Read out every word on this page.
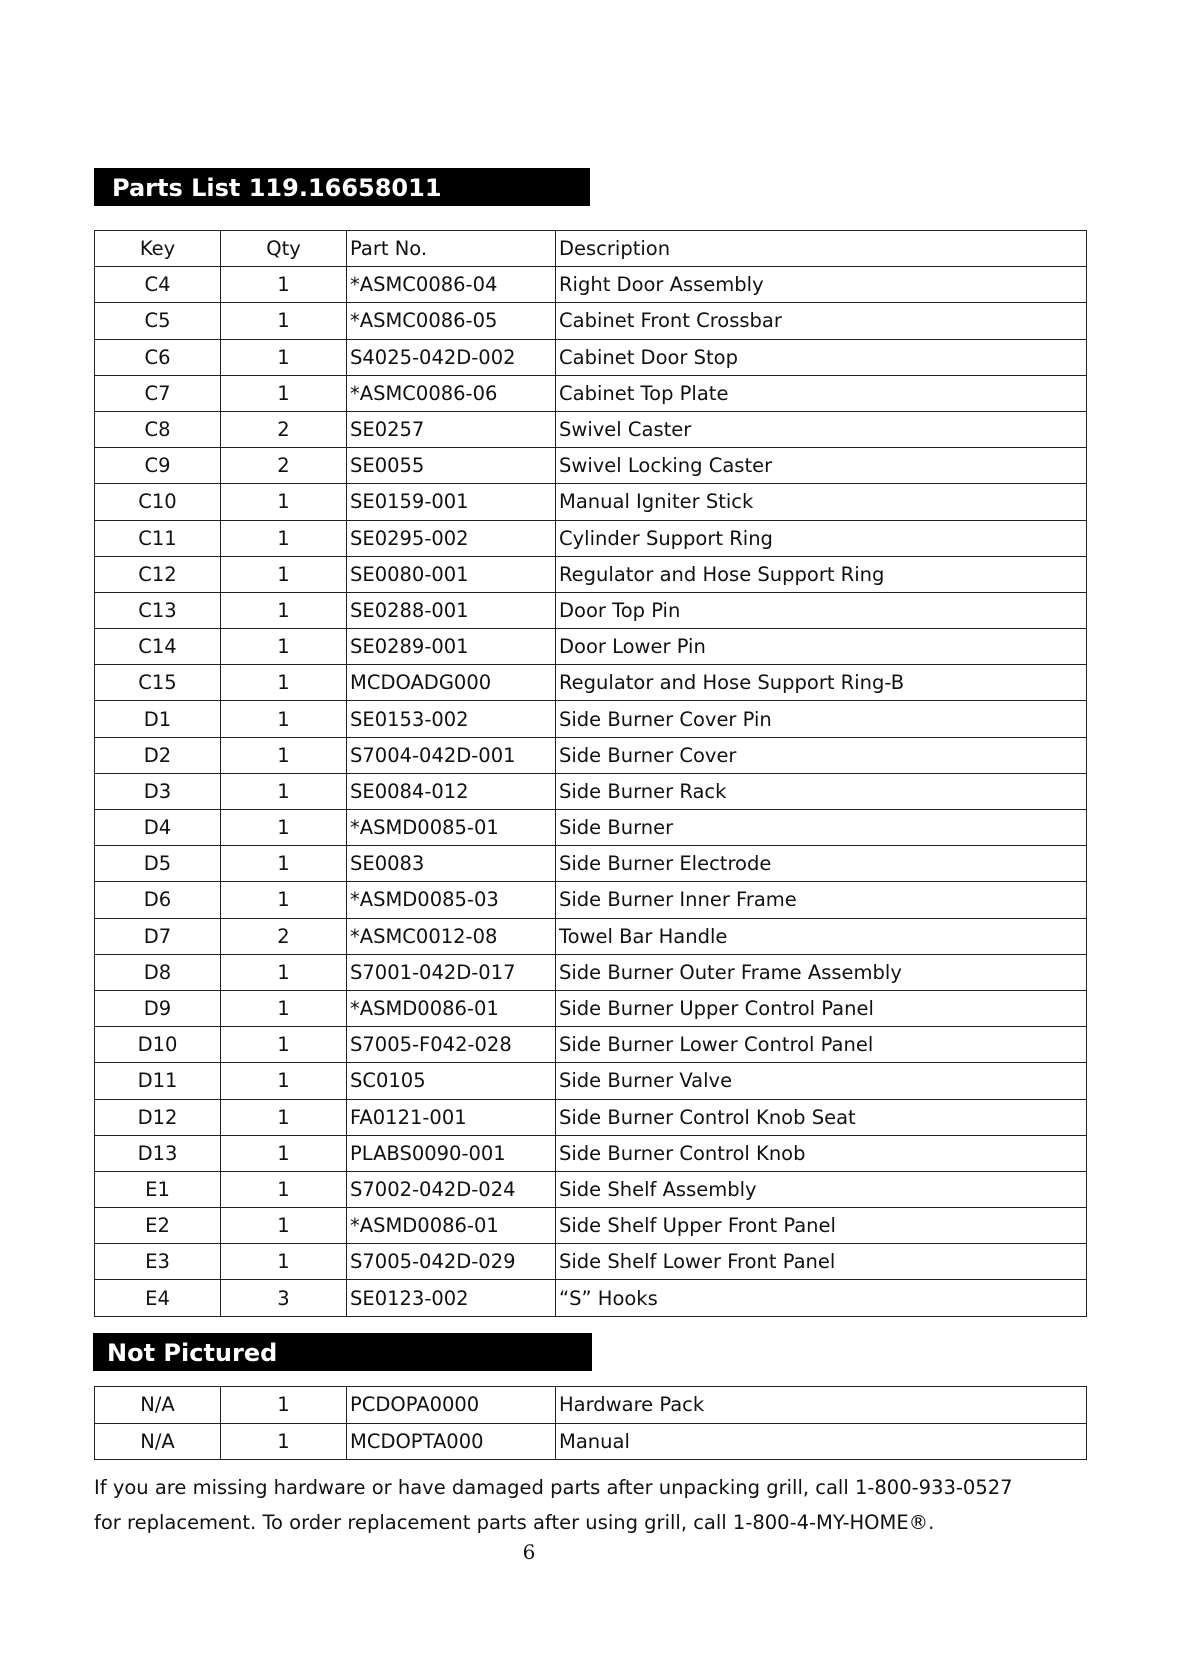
Parts List 119.16658011
Key	Qty	Part No.	Description
C4	1	*ASMC0086-04	Right Door Assembly
C5	1	*ASMC0086-05	Cabinet Front Crossbar
C6	1	S4025-042D-002	Cabinet Door Stop
C7	1	*ASMC0086-06	Cabinet Top Plate
C8	2	SE0257	Swivel Caster
C9	2	SE0055	Swivel Locking Caster
C10	1	SE0159-001	Manual Igniter Stick
C11	1	SE0295-002	Cylinder Support Ring
C12	1	SE0080-001	Regulator and Hose Support Ring
C13	1	SE0288-001	Door Top Pin
C14	1	SE0289-001	Door Lower Pin
C15	1	MCDOADG000	Regulator and Hose Support Ring-B
D1	1	SE0153-002	Side Burner Cover Pin
D2	1	S7004-042D-001	Side Burner Cover
D3	1	SE0084-012	Side Burner Rack
D4	1	*ASMD0085-01	Side Burner
D5	1	SE0083	Side Burner Electrode
D6	1	*ASMD0085-03	Side Burner Inner Frame
D7	2	*ASMC0012-08	Towel Bar Handle
D8	1	S7001-042D-017	Side Burner Outer Frame Assembly
D9	1	*ASMD0086-01	Side Burner Upper Control Panel
D10	1	S7005-F042-028	Side Burner Lower Control Panel
D11	1	SC0105	Side Burner Valve
D12	1	FA0121-001	Side Burner Control Knob Seat
D13	1	PLABS0090-001	Side Burner Control Knob
E1	1	S7002-042D-024	Side Shelf Assembly
E2	1	*ASMD0086-01	Side Shelf Upper Front Panel
E3	1	S7005-042D-029	Side Shelf Lower Front Panel
E4	3	SE0123-002	“S” Hooks
Not Pictured
N/A	1	PCDOPA0000	Hardware Pack
N/A	1	MCDOPTA000	Manual
If you are missing hardware or have damaged parts after unpacking grill, call 1-800-933-0527
for replacement. To order replacement parts after using grill, call 1-800-4-MY-HOME®.
6
